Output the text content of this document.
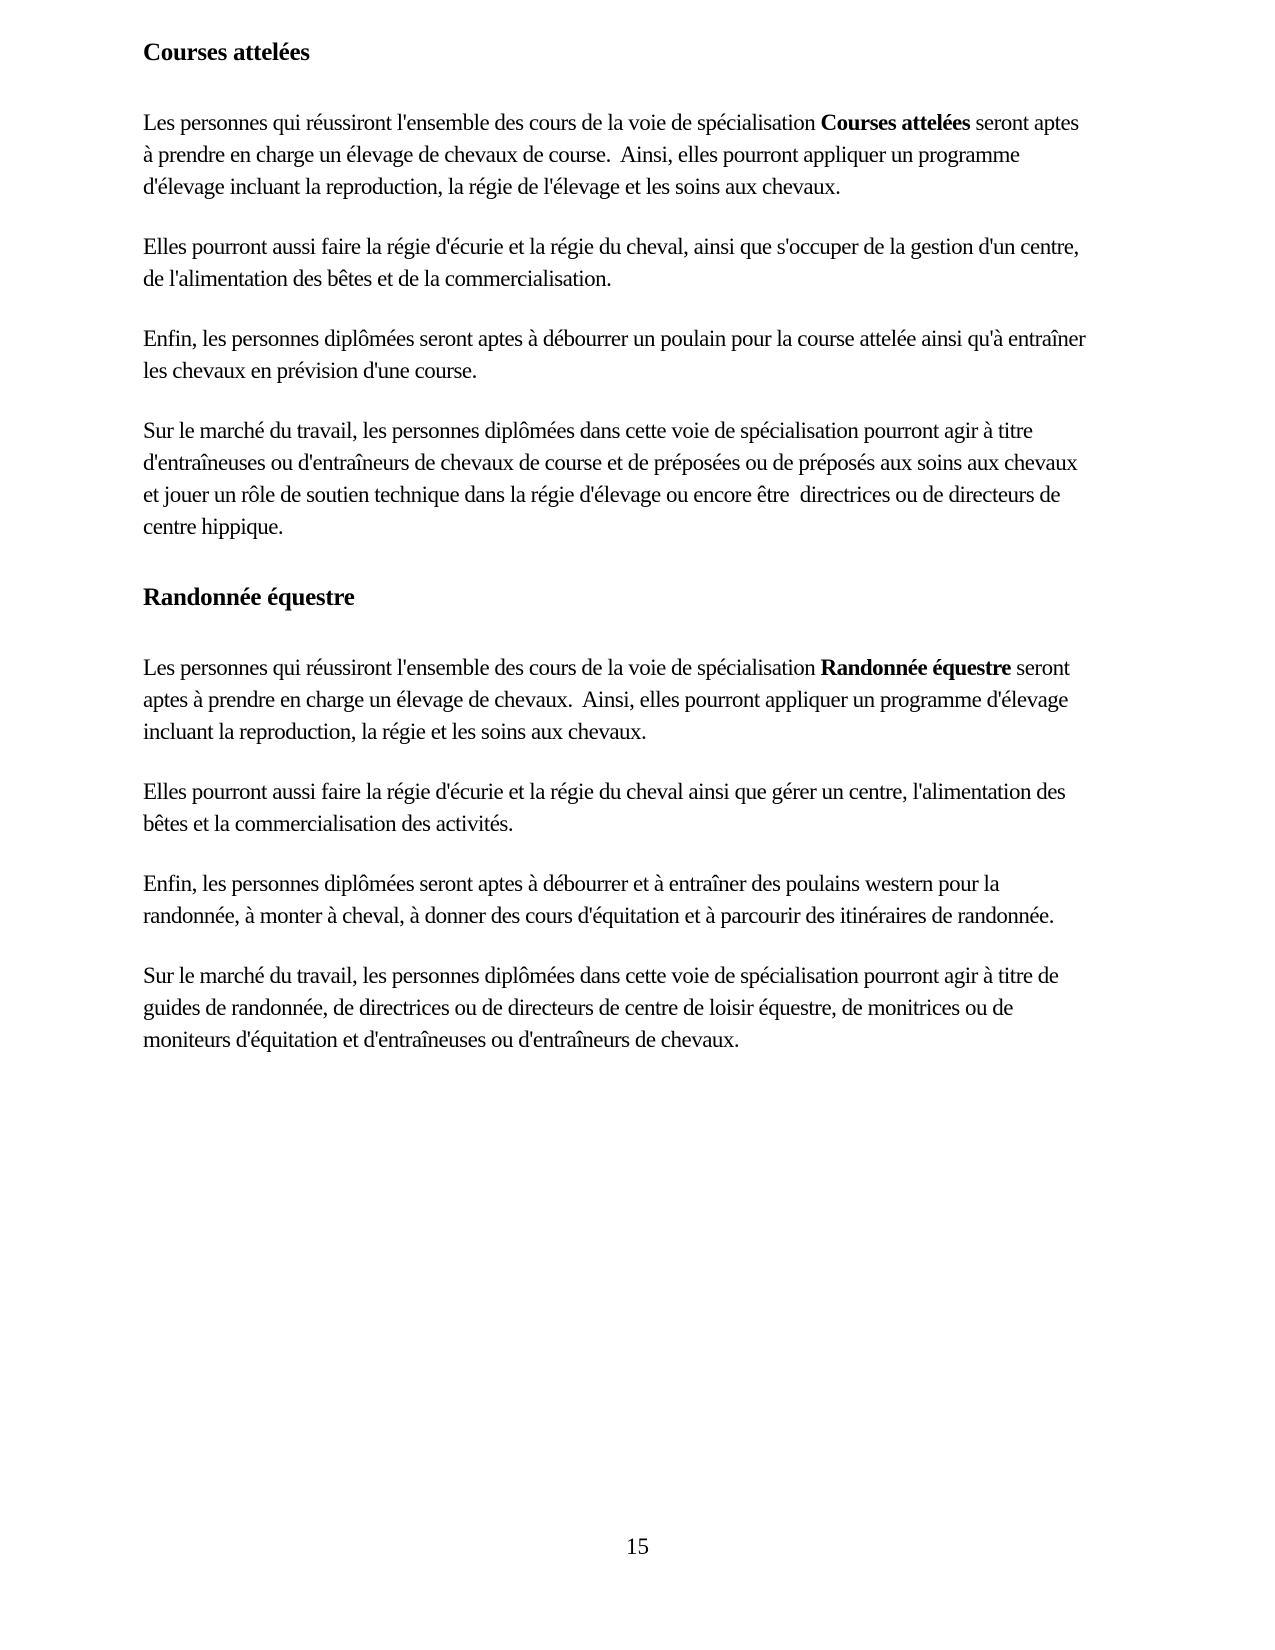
Courses attelées

Les personnes qui réussiront l'ensemble des cours de la voie de spécialisation Courses attelées seront aptes à prendre en charge un élevage de chevaux de course.  Ainsi, elles pourront appliquer un programme d'élevage incluant la reproduction, la régie de l'élevage et les soins aux chevaux.

Elles pourront aussi faire la régie d'écurie et la régie du cheval, ainsi que s'occuper de la gestion d'un centre, de l'alimentation des bêtes et de la commercialisation.

Enfin, les personnes diplômées seront aptes à débourrer un poulain pour la course attelée ainsi qu'à entraîner les chevaux en prévision d'une course.

Sur le marché du travail, les personnes diplômées dans cette voie de spécialisation pourront agir à titre d'entraîneuses ou d'entraîneurs de chevaux de course et de préposées ou de préposés aux soins aux chevaux et jouer un rôle de soutien technique dans la régie d'élevage ou encore être  directrices ou de directeurs de centre hippique.

Randonnée équestre

Les personnes qui réussiront l'ensemble des cours de la voie de spécialisation Randonnée équestre seront aptes à prendre en charge un élevage de chevaux.  Ainsi, elles pourront appliquer un programme d'élevage incluant la reproduction, la régie et les soins aux chevaux.

Elles pourront aussi faire la régie d'écurie et la régie du cheval ainsi que gérer un centre, l'alimentation des bêtes et la commercialisation des activités.

Enfin, les personnes diplômées seront aptes à débourrer et à entraîner des poulains western pour la randonnée, à monter à cheval, à donner des cours d'équitation et à parcourir des itinéraires de randonnée.

Sur le marché du travail, les personnes diplômées dans cette voie de spécialisation pourront agir à titre de guides de randonnée, de directrices ou de directeurs de centre de loisir équestre, de monitrices ou de moniteurs d'équitation et d'entraîneuses ou d'entraîneurs de chevaux.

15
